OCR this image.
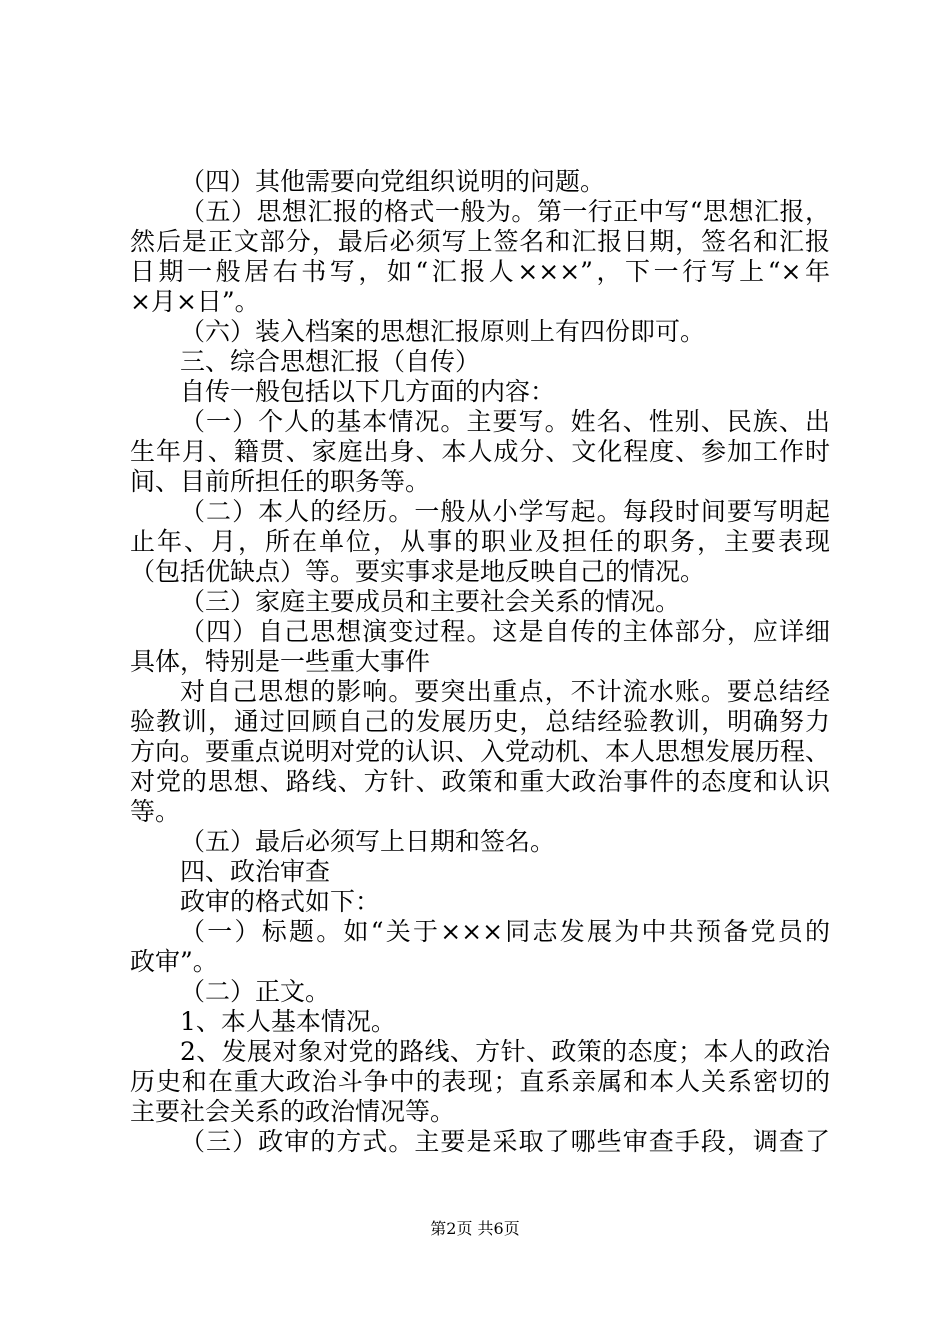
（四）其他需要向党组织说明的问题。
（五）思想汇报的格式一般为。第一行正中写“思想汇报，
然后是正文部分，最后必须写上签名和汇报日期，签名和汇报
日期一般居右书写，如“汇报人×××”，下一行写上“×年
×月×日”。
（六）装入档案的思想汇报原则上有四份即可。
三、综合思想汇报（自传）
自传一般包括以下几方面的内容：
（一）个人的基本情况。主要写。姓名、性别、民族、出
生年月、籍贯、家庭出身、本人成分、文化程度、参加工作时
间、目前所担任的职务等。
（二）本人的经历。一般从小学写起。每段时间要写明起
止年、月，所在单位，从事的职业及担任的职务，主要表现
（包括优缺点）等。要实事求是地反映自己的情况。
（三）家庭主要成员和主要社会关系的情况。
（四）自己思想演变过程。这是自传的主体部分，应详细
具体，特别是一些重大事件
对自己思想的影响。要突出重点，不计流水账。要总结经
验教训，通过回顾自己的发展历史，总结经验教训，明确努力
方向。要重点说明对党的认识、入党动机、本人思想发展历程、
对党的思想、路线、方针、政策和重大政治事件的态度和认识
等。
（五）最后必须写上日期和签名。
四、政治审查
政审的格式如下：
（一）标题。如“关于×××同志发展为中共预备党员的
政审”。
（二）正文。
1、本人基本情况。
2、发展对象对党的路线、方针、政策的态度；本人的政治
历史和在重大政治斗争中的表现；直系亲属和本人关系密切的
主要社会关系的政治情况等。
（三）政审的方式。主要是采取了哪些审查手段，调查了
第2页 共6页
